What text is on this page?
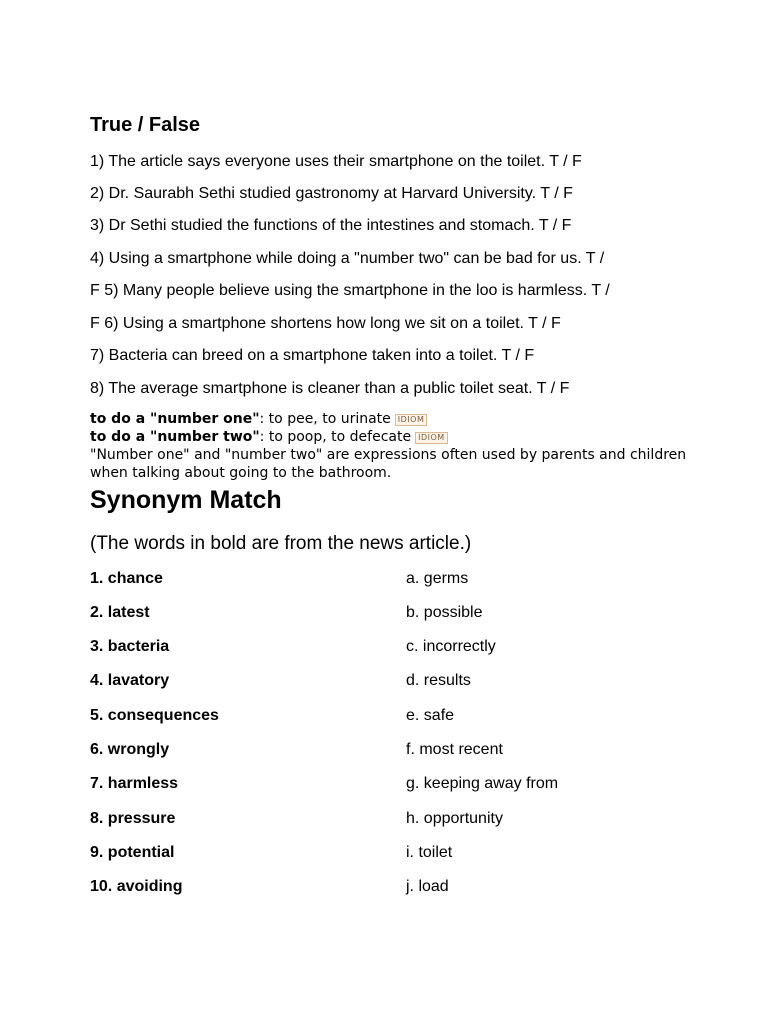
True / False

1) The article says everyone uses their smartphone on the toilet. T / F

2) Dr. Saurabh Sethi studied gastronomy at Harvard University. T / F

3) Dr Sethi studied the functions of the intestines and stomach. T / F

4) Using a smartphone while doing a "number two" can be bad for us. T /

F 5) Many people believe using the smartphone in the loo is harmless. T /

F 6) Using a smartphone shortens how long we sit on a toilet. T / F

7) Bacteria can breed on a smartphone taken into a toilet. T / F

8) The average smartphone is cleaner than a public toilet seat. T / F

to do a "number one": to pee, to urinate IDIOM

to do a "number two": to poop, to defecate IDIOM

"Number one" and "number two" are expressions often used by parents and children when talking about going to the bathroom.

Synonym Match

(The words in bold are from the news article.)

1. chance

2. latest

3. bacteria

4. lavatory

5. consequences

6. wrongly

7. harmless

8. pressure

9. potential

10. avoiding

a. germs

b. possible

c. incorrectly

d. results

e. safe

f. most recent

g. keeping away from

h. opportunity

i. toilet

j. load
